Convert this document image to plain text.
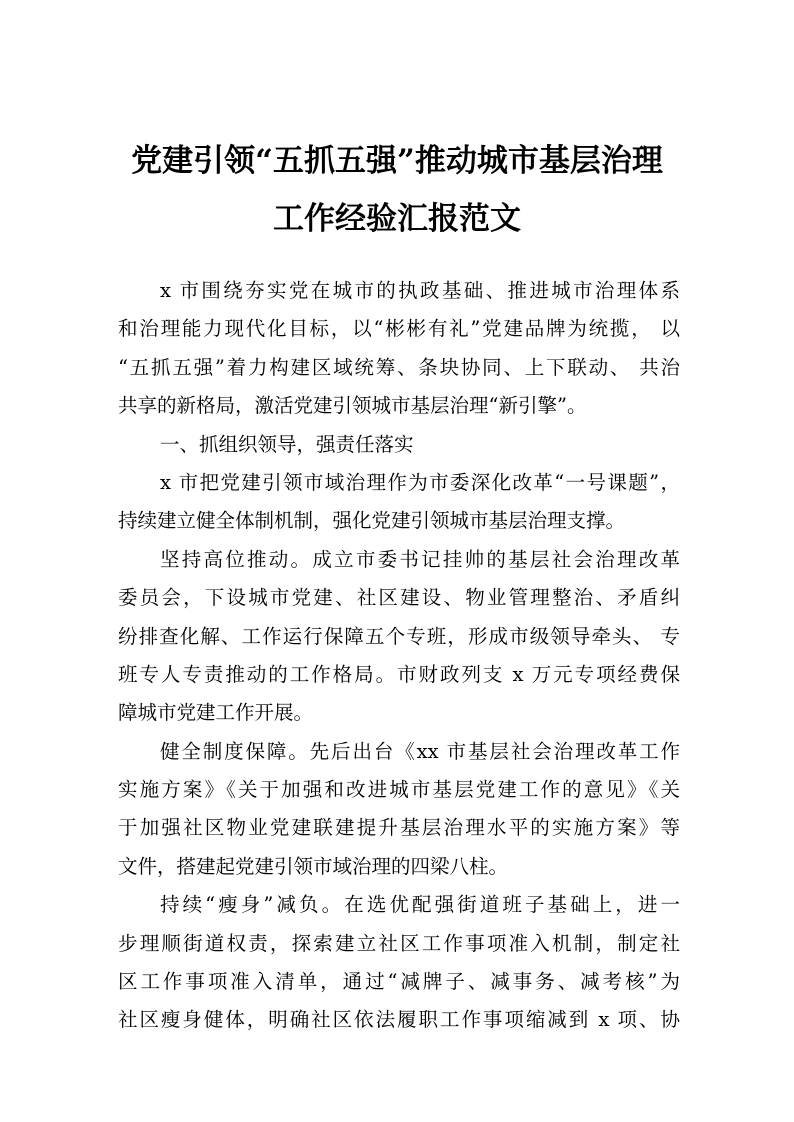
党建引领“五抓五强”推动城市基层治理
工作经验汇报范文
x 市围绕夯实党在城市的执政基础、推进城市治理体系
和治理能力现代化目标，以“彬彬有礼”党建品牌为统揽， 以
“五抓五强”着力构建区域统筹、条块协同、上下联动、 共治
共享的新格局，激活党建引领城市基层治理“新引擎”。
一、抓组织领导，强责任落实
x 市把党建引领市域治理作为市委深化改革“一号课题”，
持续建立健全体制机制，强化党建引领城市基层治理支撑。
坚持高位推动。成立市委书记挂帅的基层社会治理改革
委员会，下设城市党建、社区建设、物业管理整治、矛盾纠
纷排查化解、工作运行保障五个专班，形成市级领导牵头、 专
班专人专责推动的工作格局。市财政列支 x 万元专项经费保
障城市党建工作开展。
健全制度保障。先后出台《xx 市基层社会治理改革工作
实施方案》《关于加强和改进城市基层党建工作的意见》《关
于加强社区物业党建联建提升基层治理水平的实施方案》等
文件，搭建起党建引领市域治理的四梁八柱。
持续“瘦身”减负。在选优配强街道班子基础上，进一
步理顺街道权责，探索建立社区工作事项准入机制，制定社
区工作事项准入清单，通过“减牌子、减事务、减考核”为
社区瘦身健体，明确社区依法履职工作事项缩减到 x 项、协
